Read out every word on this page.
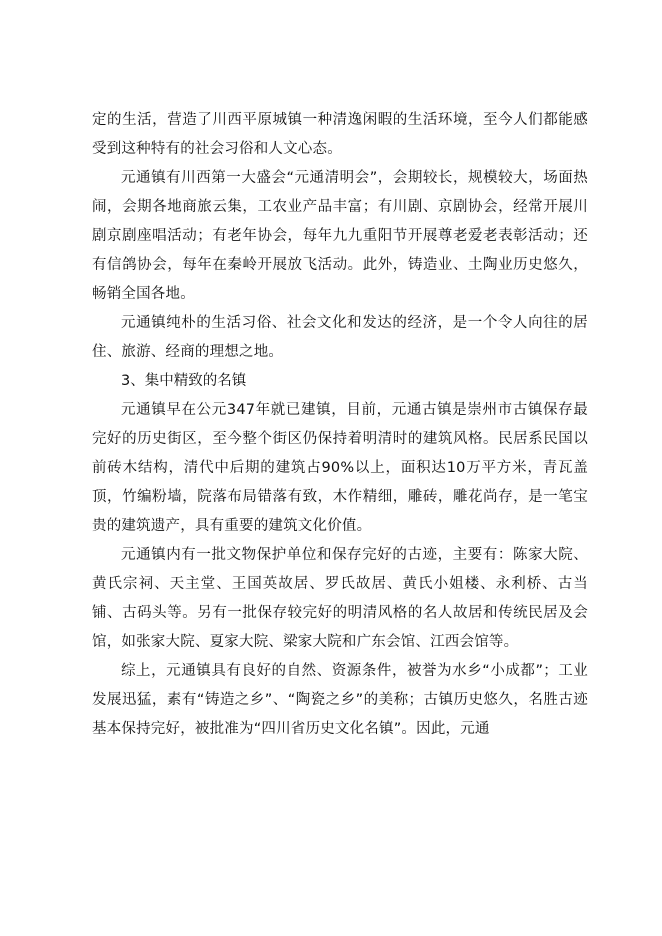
定的生活，营造了川西平原城镇一种清逸闲暇的生活环境，至今人们都能感受到这种特有的社会习俗和人文心态。

元通镇有川西第一大盛会“元通清明会”，会期较长，规模较大，场面热闹，会期各地商旅云集，工农业产品丰富；有川剧、京剧协会，经常开展川剧京剧座唱活动；有老年协会，每年九九重阳节开展尊老爱老表彰活动；还有信鸽协会，每年在秦岭开展放飞活动。此外，铸造业、土陶业历史悠久，畅销全国各地。

元通镇纯朴的生活习俗、社会文化和发达的经济，是一个令人向往的居住、旅游、经商的理想之地。

3、集中精致的名镇

元通镇早在公元347年就已建镇，目前，元通古镇是崇州市古镇保存最完好的历史街区，至今整个街区仍保持着明清时的建筑风格。民居系民国以前砖木结构，清代中后期的建筑占90%以上，面积达10万平方米，青瓦盖顶，竹编粉墙，院落布局错落有致，木作精细，雕砖，雕花尚存，是一笔宝贵的建筑遗产，具有重要的建筑文化价值。

元通镇内有一批文物保护单位和保存完好的古迹，主要有：陈家大院、黄氏宗祠、天主堂、王国英故居、罗氏故居、黄氏小姐楼、永利桥、古当铺、古码头等。另有一批保存较完好的明清风格的名人故居和传统民居及会馆，如张家大院、夏家大院、梁家大院和广东会馆、江西会馆等。

综上，元通镇具有良好的自然、资源条件，被誉为水乡“小成都”；工业发展迅猛，素有“铸造之乡”、“陶瓷之乡”的美称；古镇历史悠久，名胜古迹基本保持完好，被批准为“四川省历史文化名镇”。因此，元通
